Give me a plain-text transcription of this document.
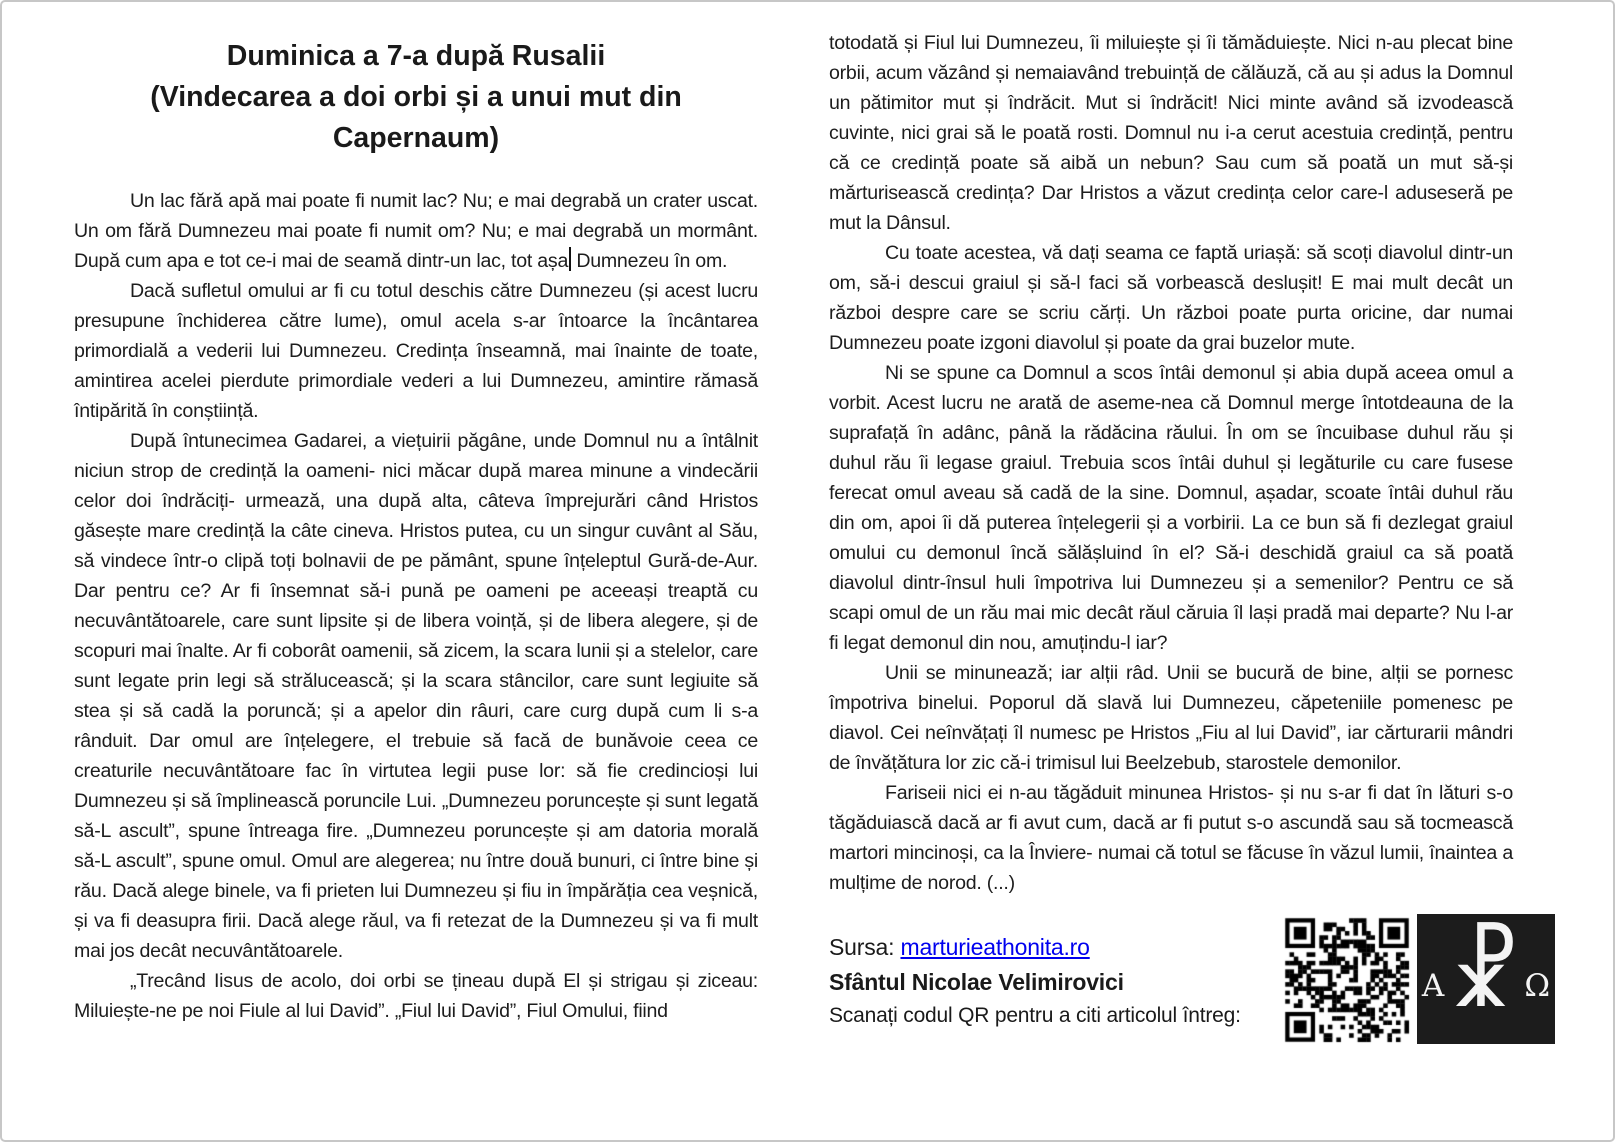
Duminica a 7-a după Rusalii
(Vindecarea a doi orbi și a unui mut din Capernaum)

Un lac fără apă mai poate fi numit lac? Nu; e mai degrabă un crater uscat. Un om fără Dumnezeu mai poate fi numit om? Nu; e mai degrabă un mormânt. După cum apa e tot ce-i mai de seamă dintr-un lac, tot așa Dumnezeu în om.

Dacă sufletul omului ar fi cu totul deschis către Dumnezeu (și acest lucru presupune închiderea către lume), omul acela s-ar întoarce la încântarea primordială a vederii lui Dumnezeu. Credința înseamnă, mai înainte de toate, amintirea acelei pierdute primordiale vederi a lui Dumnezeu, amintire rămasă întipărită în conștiință.

După întunecimea Gadarei, a viețuirii păgâne, unde Domnul nu a întâlnit niciun strop de credință la oameni- nici măcar după marea minune a vindecării celor doi îndrăciți- urmează, una după alta, câteva împrejurări când Hristos găsește mare credință la câte cineva. Hristos putea, cu un singur cuvânt al Său, să vindece într-o clipă toți bolnavii de pe pământ, spune înțeleptul Gură-de-Aur. Dar pentru ce? Ar fi însemnat să-i pună pe oameni pe aceeași treaptă cu necuvântătoarele, care sunt lipsite și de libera voință, și de libera alegere, și de scopuri mai înalte. Ar fi coborât oamenii, să zicem, la scara lunii și a stelelor, care sunt legate prin legi să strălucească; și la scara stâncilor, care sunt legiuite să stea și să cadă la poruncă; și a apelor din râuri, care curg după cum li s-a rânduit. Dar omul are înțelegere, el trebuie să facă de bunăvoie ceea ce creaturile necuvântătoare fac în virtutea legii puse lor: să fie credincioși lui Dumnezeu și să împlinească poruncile Lui. „Dumnezeu poruncește și sunt legată să-L ascult”, spune întreaga fire. „Dumnezeu poruncește și am datoria morală să-L ascult”, spune omul. Omul are alegerea; nu între două bunuri, ci între bine și rău. Dacă alege binele, va fi prieten lui Dumnezeu și fiu in împărăția cea veșnică, și va fi deasupra firii. Dacă alege răul, va fi retezat de la Dumnezeu și va fi mult mai jos decât necuvântătoarele.

„Trecând Iisus de acolo, doi orbi se țineau după El și strigau și ziceau: Miluiește-ne pe noi Fiule al lui David”. „Fiul lui David”, Fiul Omului, fiind

totodată și Fiul lui Dumnezeu, îi miluiește și îi tămăduiește. Nici n-au plecat bine orbii, acum văzând și nemaiavând trebuință de călăuză, că au și adus la Domnul un pătimitor mut și îndrăcit. Mut si îndrăcit! Nici minte având să izvodească cuvinte, nici grai să le poată rosti. Domnul nu i-a cerut acestuia credință, pentru că ce credință poate să aibă un nebun? Sau cum să poată un mut să-și mărturisească credința? Dar Hristos a văzut credința celor care-l aduseseră pe mut la Dânsul.

Cu toate acestea, vă dați seama ce faptă uriașă: să scoți diavolul dintr-un om, să-i descui graiul și să-l faci să vorbească deslușit! E mai mult decât un război despre care se scriu cărți. Un război poate purta oricine, dar numai Dumnezeu poate izgoni diavolul și poate da grai buzelor mute.

Ni se spune ca Domnul a scos întâi demonul și abia după aceea omul a vorbit. Acest lucru ne arată de aseme-nea că Domnul merge întotdeauna de la suprafață în adânc, până la rădăcina răului. În om se încuibase duhul rău și duhul rău îi legase graiul. Trebuia scos întâi duhul și legăturile cu care fusese ferecat omul aveau să cadă de la sine. Domnul, așadar, scoate întâi duhul rău din om, apoi îi dă puterea înțelegerii și a vorbirii. La ce bun să fi dezlegat graiul omului cu demonul încă sălășluind în el? Să-i deschidă graiul ca să poată diavolul dintr-însul huli împotriva lui Dumnezeu și a semenilor? Pentru ce să scapi omul de un rău mai mic decât răul căruia îl lași pradă mai departe? Nu l-ar fi legat demonul din nou, amuțindu-l iar?

Unii se minunează; iar alții râd. Unii se bucură de bine, alții se pornesc împotriva binelui. Poporul dă slavă lui Dumnezeu, căpeteniile pomenesc pe diavol. Cei neînvățați îl numesc pe Hristos „Fiu al lui David”, iar cărturarii mândri de învățătura lor zic că-i trimisul lui Beelzebub, starostele demonilor.

Fariseii nici ei n-au tăgăduit minunea Hristos- și nu s-ar fi dat în lături s-o tăgăduiască dacă ar fi avut cum, dacă ar fi putut s-o ascundă sau să tocmească martori mincinoși, ca la Înviere- numai că totul se făcuse în văzul lumii, înaintea a mulțime de norod. (...)

Sursa: marturieathonita.ro
Sfântul Nicolae Velimirovici
Scanați codul QR pentru a citi articolul întreg:
Α ☧ Ω
